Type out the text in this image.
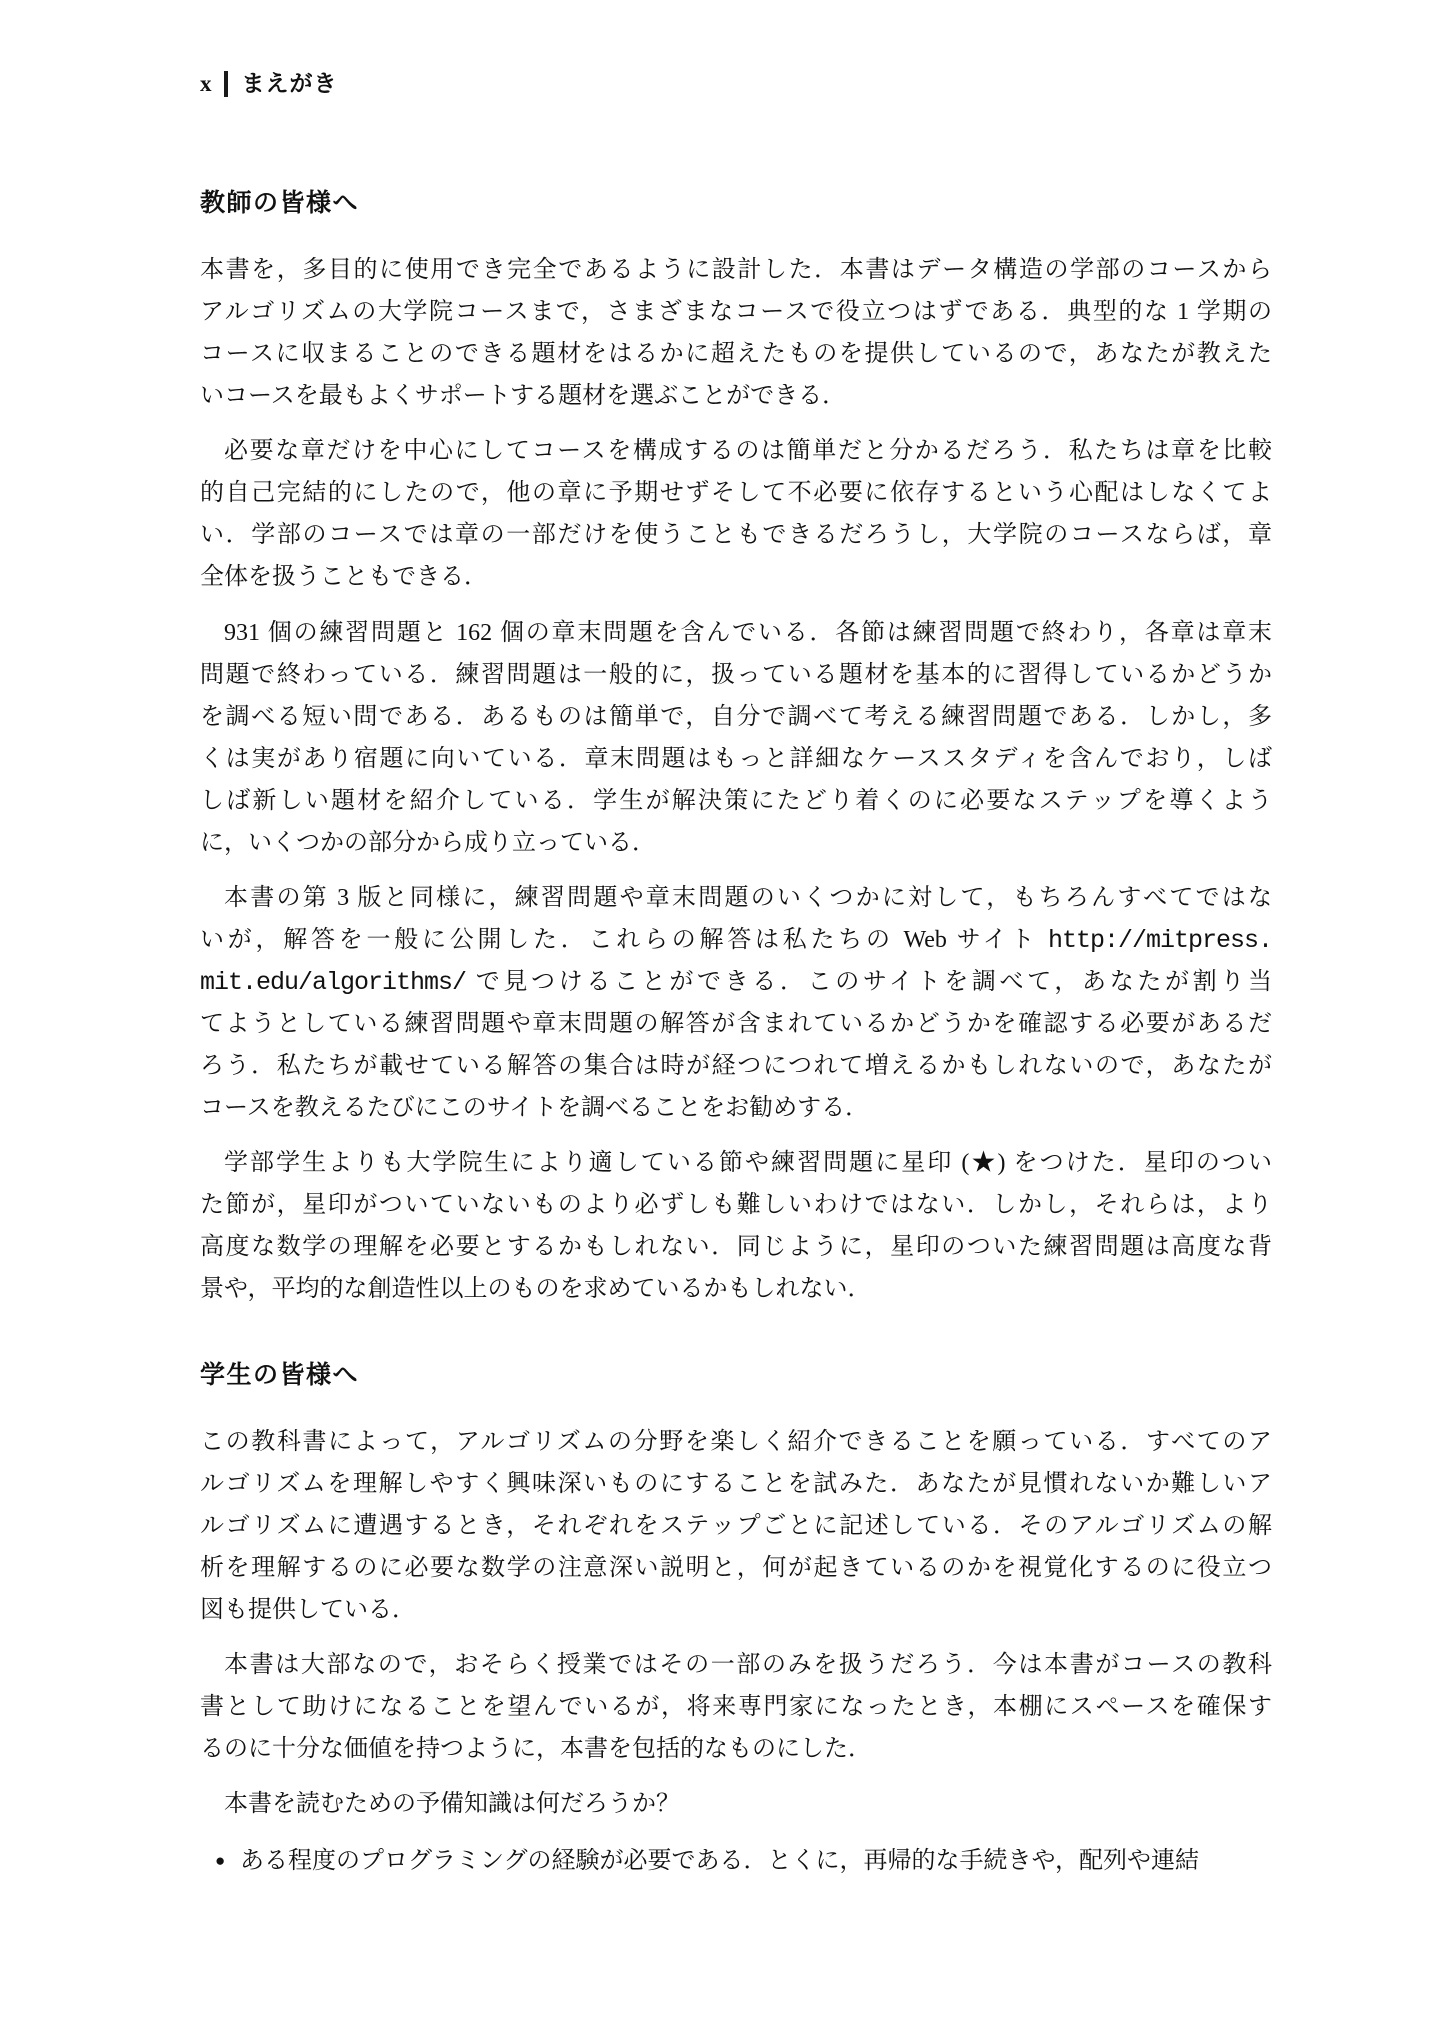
x まえがき
教師の皆様へ
本書を，多目的に使用でき完全であるように設計した．本書はデータ構造の学部のコースから
アルゴリズムの大学院コースまで，さまざまなコースで役立つはずである．典型的な 1 学期の
コースに収まることのできる題材をはるかに超えたものを提供しているので，あなたが教えた
いコースを最もよくサポートする題材を選ぶことができる．
必要な章だけを中心にしてコースを構成するのは簡単だと分かるだろう．私たちは章を比較
的自己完結的にしたので，他の章に予期せずそして不必要に依存するという心配はしなくてよ
い．学部のコースでは章の一部だけを使うこともできるだろうし，大学院のコースならば，章
全体を扱うこともできる．
931 個の練習問題と 162 個の章末問題を含んでいる．各節は練習問題で終わり，各章は章末
問題で終わっている．練習問題は一般的に，扱っている題材を基本的に習得しているかどうか
を調べる短い問である．あるものは簡単で，自分で調べて考える練習問題である．しかし，多
くは実があり宿題に向いている．章末問題はもっと詳細なケーススタディを含んでおり，しば
しば新しい題材を紹介している．学生が解決策にたどり着くのに必要なステップを導くよう
に，いくつかの部分から成り立っている．
本書の第 3 版と同様に，練習問題や章末問題のいくつかに対して，もちろんすべてではな
いが，解答を一般に公開した．これらの解答は私たちの Web サイト http://mitpress.
mit.edu/algorithms/ で見つけることができる．このサイトを調べて，あなたが割り当
てようとしている練習問題や章末問題の解答が含まれているかどうかを確認する必要があるだ
ろう．私たちが載せている解答の集合は時が経つにつれて増えるかもしれないので，あなたが
コースを教えるたびにこのサイトを調べることをお勧めする．
学部学生よりも大学院生により適している節や練習問題に星印 (★) をつけた．星印のつい
た節が，星印がついていないものより必ずしも難しいわけではない．しかし，それらは，より
高度な数学の理解を必要とするかもしれない．同じように，星印のついた練習問題は高度な背
景や，平均的な創造性以上のものを求めているかもしれない．
学生の皆様へ
この教科書によって，アルゴリズムの分野を楽しく紹介できることを願っている．すべてのア
ルゴリズムを理解しやすく興味深いものにすることを試みた．あなたが見慣れないか難しいア
ルゴリズムに遭遇するとき，それぞれをステップごとに記述している．そのアルゴリズムの解
析を理解するのに必要な数学の注意深い説明と，何が起きているのかを視覚化するのに役立つ
図も提供している．
本書は大部なので，おそらく授業ではその一部のみを扱うだろう．今は本書がコースの教科
書として助けになることを望んでいるが，将来専門家になったとき，本棚にスペースを確保す
るのに十分な価値を持つように，本書を包括的なものにした．
本書を読むための予備知識は何だろうか？
● ある程度のプログラミングの経験が必要である．とくに，再帰的な手続きや，配列や連結
